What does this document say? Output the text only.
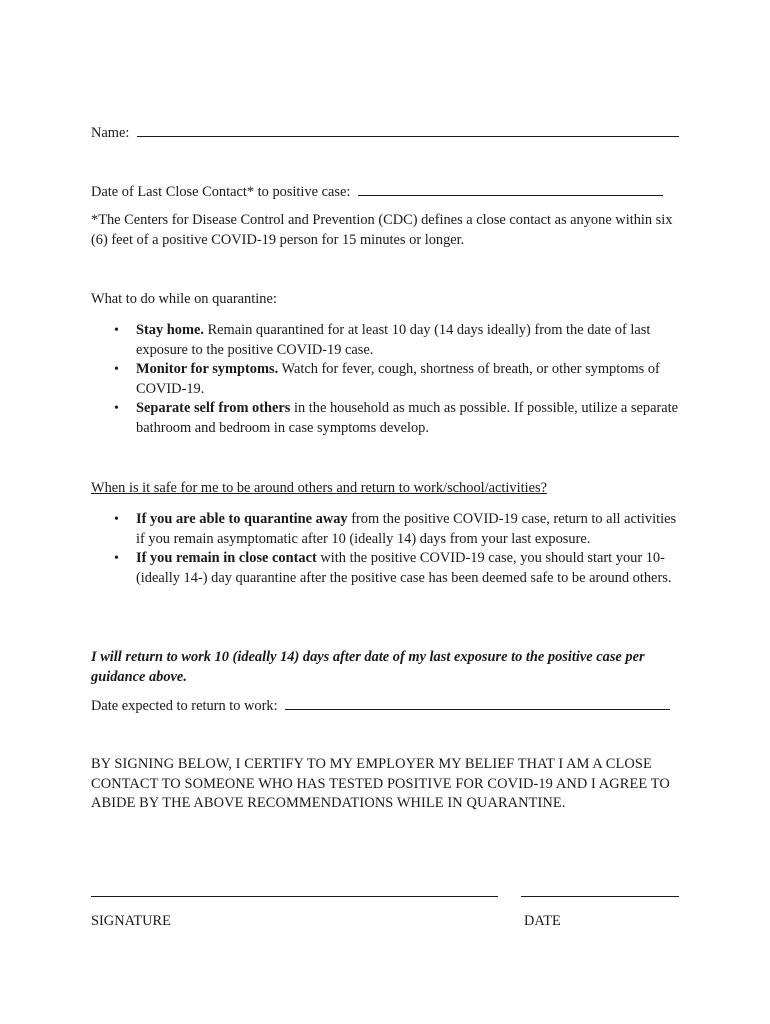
Name:
Date of Last Close Contact* to positive case:
*The Centers for Disease Control and Prevention (CDC) defines a close contact as anyone within six (6) feet of a positive COVID-19 person for 15 minutes or longer.
What to do while on quarantine:
• Stay home. Remain quarantined for at least 10 day (14 days ideally) from the date of last exposure to the positive COVID-19 case.
• Monitor for symptoms. Watch for fever, cough, shortness of breath, or other symptoms of COVID-19.
• Separate self from others in the household as much as possible. If possible, utilize a separate bathroom and bedroom in case symptoms develop.
When is it safe for me to be around others and return to work/school/activities?
• If you are able to quarantine away from the positive COVID-19 case, return to all activities if you remain asymptomatic after 10 (ideally 14) days from your last exposure.
• If you remain in close contact with the positive COVID-19 case, you should start your 10- (ideally 14-) day quarantine after the positive case has been deemed safe to be around others.
I will return to work 10 (ideally 14) days after date of my last exposure to the positive case per guidance above.
Date expected to return to work:
BY SIGNING BELOW, I CERTIFY TO MY EMPLOYER MY BELIEF THAT I AM A CLOSE CONTACT TO SOMEONE WHO HAS TESTED POSITIVE FOR COVID-19 AND I AGREE TO ABIDE BY THE ABOVE RECOMMENDATIONS WHILE IN QUARANTINE.
SIGNATURE	DATE
